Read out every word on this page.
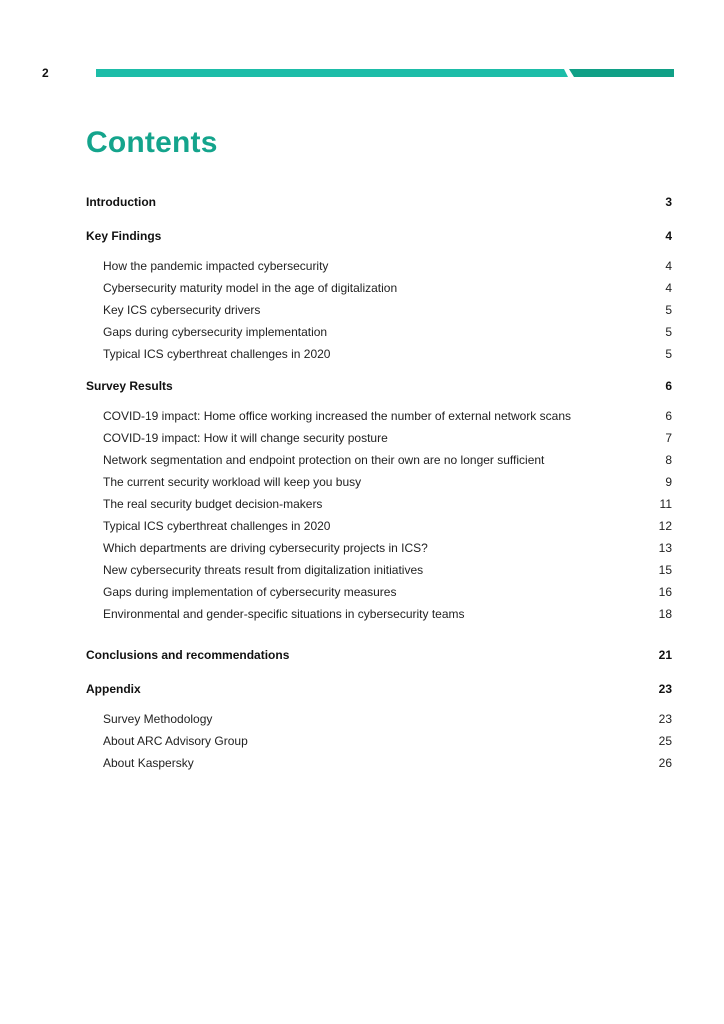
2
Contents
Introduction	3
Key Findings	4
How the pandemic impacted cybersecurity	4
Cybersecurity maturity model in the age of digitalization	4
Key ICS cybersecurity drivers	5
Gaps during cybersecurity implementation	5
Typical ICS cyberthreat challenges in 2020	5
Survey Results	6
COVID-19 impact: Home office working increased the number of external network scans	6
COVID-19 impact: How it will change security posture	7
Network segmentation and endpoint protection on their own are no longer sufficient	8
The current security workload will keep you busy	9
The real security budget decision-makers	11
Typical ICS cyberthreat challenges in 2020	12
Which departments are driving cybersecurity projects in ICS?	13
New cybersecurity threats result from digitalization initiatives	15
Gaps during implementation of cybersecurity measures	16
Environmental and gender-specific situations in cybersecurity teams	18
Conclusions and recommendations	21
Appendix	23
Survey Methodology	23
About ARC Advisory Group	25
About Kaspersky	26
